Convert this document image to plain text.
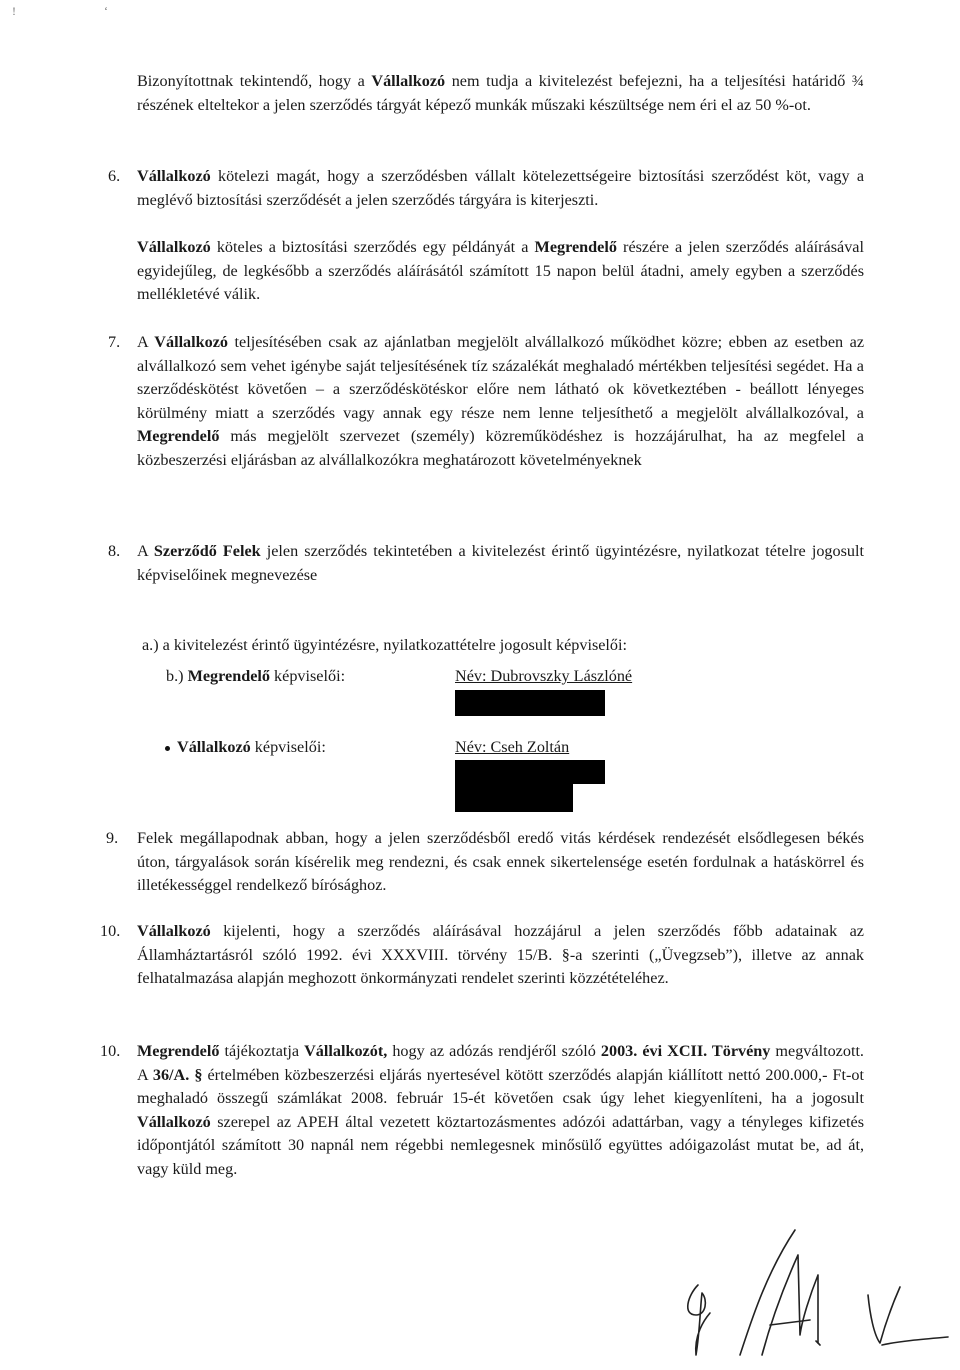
!	‘

Bizonyítottnak tekintendő, hogy a Vállalkozó nem tudja a kivitelezést befejezni, ha a teljesítési határidő ¾ részének elteltekor a jelen szerződés tárgyát képező munkák műszaki készültsége nem éri el az 50 %-ot.

6. Vállalkozó kötelezi magát, hogy a szerződésben vállalt kötelezettségeire biztosítási szerződést köt, vagy a meglévő biztosítási szerződését a jelen szerződés tárgyára is kiterjeszti.

Vállalkozó köteles a biztosítási szerződés egy példányát a Megrendelő részére a jelen szerződés aláírásával egyidejűleg, de legkésőbb a szerződés aláírásától számított 15 napon belül átadni, amely egyben a szerződés mellékletévé válik.

7. A Vállalkozó teljesítésében csak az ajánlatban megjelölt alvállalkozó működhet közre; ebben az esetben az alvállalkozó sem vehet igénybe saját teljesítésének tíz százalékát meghaladó mértékben teljesítési segédet. Ha a szerződéskötést követően – a szerződéskötéskor előre nem látható ok következtében - beállott lényeges körülmény miatt a szerződés vagy annak egy része nem lenne teljesíthető a megjelölt alvállalkozóval, a Megrendelő más megjelölt szervezet (személy) közreműködéshez is hozzájárulhat, ha az megfelel a közbeszerzési eljárásban az alvállalkozókra meghatározott követelményeknek

8. A Szerződő Felek jelen szerződés tekintetében a kivitelezést érintő ügyintézésre, nyilatkozat tételre jogosult képviselőinek megnevezése

a.) a kivitelezést érintő ügyintézésre, nyilatkozattételre jogosult képviselői:
b.) Megrendelő képviselői:	Név: Dubrovszky Lászlóné
Vállalkozó képviselői:	Név: Cseh Zoltán
9. Felek megállapodnak abban, hogy a jelen szerződésből eredő vitás kérdések rendezését elsődlegesen békés úton, tárgyalások során kísérelik meg rendezni, és csak ennek sikertelensége esetén fordulnak a hatáskörrel és illetékességgel rendelkező bírósághoz.

10. Vállalkozó kijelenti, hogy a szerződés aláírásával hozzájárul a jelen szerződés főbb adatainak az Államháztartásról szóló 1992. évi XXXVIII. törvény 15/B. §-a szerinti („Üvegzseb”), illetve az annak felhatalmazása alapján meghozott önkormányzati rendelet szerinti közzétételéhez.

10. Megrendelő tájékoztatja Vállalkozót, hogy az adózás rendjéről szóló 2003. évi XCII. Törvény megváltozott. A 36/A. § értelmében közbeszerzési eljárás nyertesével kötött szerződés alapján kiállított nettó 200.000,- Ft-ot meghaladó összegű számlákat 2008. február 15-ét követően csak úgy lehet kiegyenlíteni, ha a jogosult Vállalkozó szerepel az APEH által vezetett köztartozásmentes adózói adattárban, vagy a tényleges kifizetés időpontjától számított 30 napnál nem régebbi nemlegesnek minősülő együttes adóigazolást mutat be, ad át, vagy küld meg.
